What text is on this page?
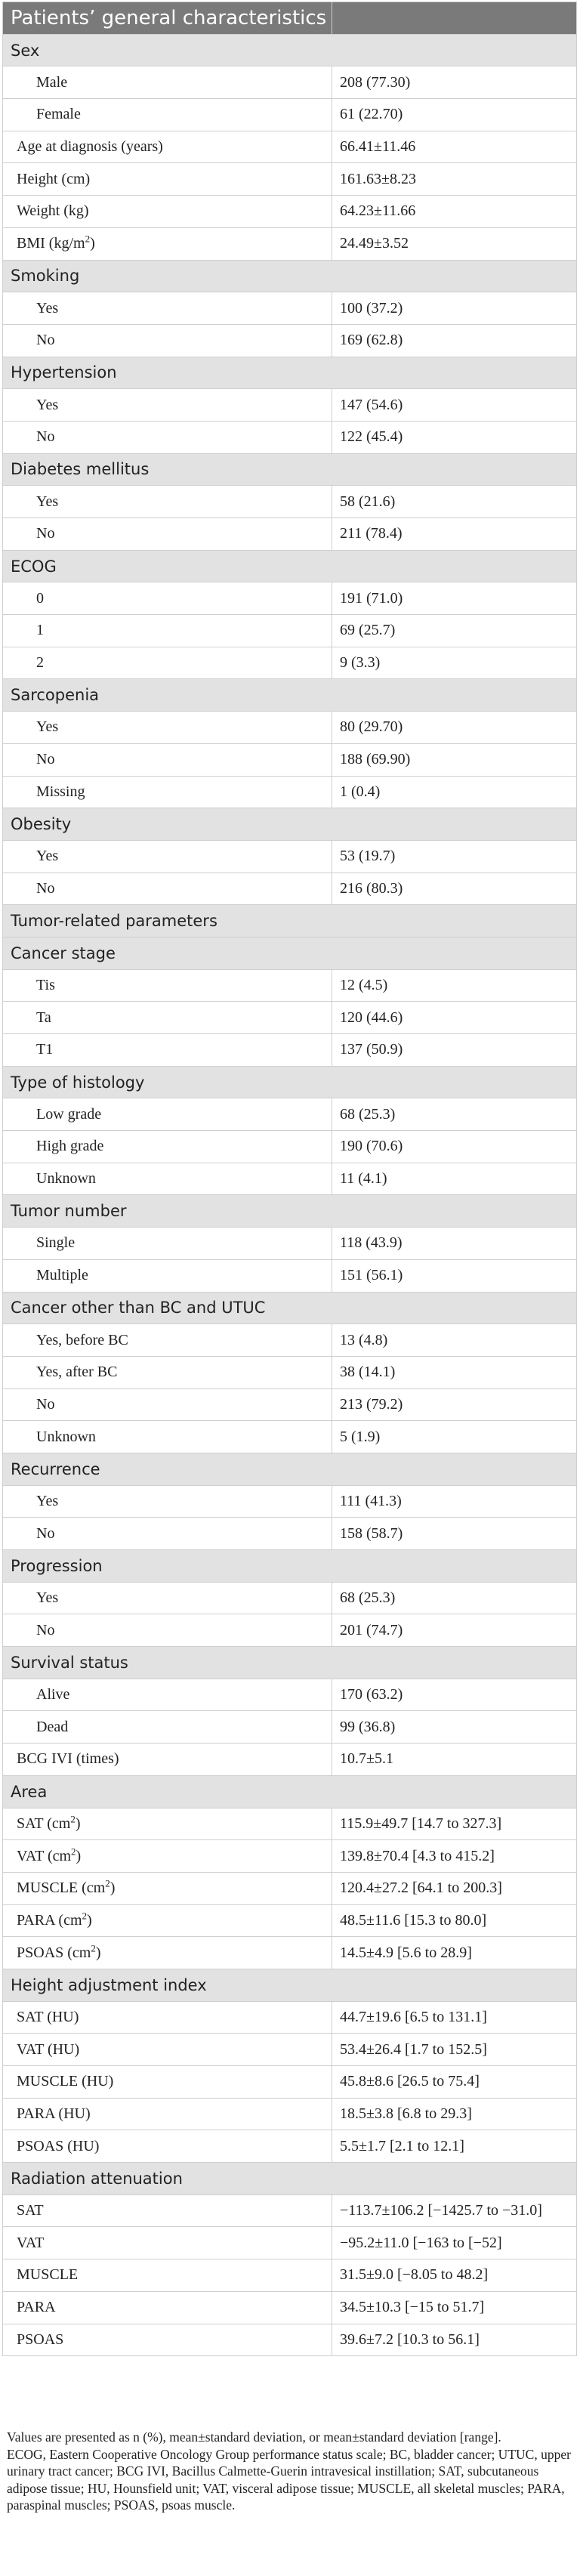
Patients’ general characteristics	
Sex	
Male	208 (77.30)
Female	61 (22.70)
Age at diagnosis (years)	66.41±11.46
Height (cm)	161.63±8.23
Weight (kg)	64.23±11.66
BMI $(kg/m^2)$	24.49±3.52
Smoking	
Yes	100 (37.2)
No	169 (62.8)
Hypertension	
Yes	147 (54.6)
No	122 (45.4)
Diabetes mellitus	
Yes	58 (21.6)
No	211 (78.4)
ECOG	
0	191 (71.0)
1	69 (25.7)
2	9 (3.3)
Sarcopenia	
Yes	80 (29.70)
No	188 (69.90)
Missing	1 (0.4)
Obesity	
Yes	53 (19.7)
No	216 (80.3)
Tumor-related parameters	
Cancer stage	
Tis	12 (4.5)
Ta	120 (44.6)
T1	137 (50.9)
Type of histology	
Low grade	68 (25.3)
High grade	190 (70.6)
Unknown	11 (4.1)
Tumor number	
Single	118 (43.9)
Multiple	151 (56.1)
Cancer other than BC and UTUC	
Yes, before BC	13 (4.8)
Yes, after BC	38 (14.1)
No	213 (79.2)
Unknown	5 (1.9)
Recurrence	
Yes	111 (41.3)
No	158 (58.7)
Progression	
Yes	68 (25.3)
No	201 (74.7)
Survival status	
Alive	170 (63.2)
Dead	99 (36.8)
BCG IVI (times)	10.7±5.1
Area	
SAT $(cm^2)$	115.9±49.7 [14.7 to 327.3]
VAT $(cm^2)$	139.8±70.4 [4.3 to 415.2]
MUSCLE $(cm^2)$	120.4±27.2 [64.1 to 200.3]
PARA $(cm^2)$	48.5±11.6 [15.3 to 80.0]
PSOAS $(cm^2)$	14.5±4.9 [5.6 to 28.9]
Height adjustment index	
SAT (HU)	44.7±19.6 [6.5 to 131.1]
VAT (HU)	53.4±26.4 [1.7 to 152.5]
MUSCLE (HU)	45.8±8.6 [26.5 to 75.4]
PARA (HU)	18.5±3.8 [6.8 to 29.3]
PSOAS (HU)	5.5±1.7 [2.1 to 12.1]
Radiation attenuation	
SAT	−113.7±106.2 [−1425.7 to −31.0]
VAT	−95.2±11.0 [−163 to [−52]
MUSCLE	31.5±9.0 [−8.05 to 48.2]
PARA	34.5±10.3 [−15 to 51.7]
PSOAS	39.6±7.2 [10.3 to 56.1]

Values are presented as n (%), mean±standard deviation, or mean±standard deviation [range].

ECOG, Eastern Cooperative Oncology Group performance status scale; BC, bladder cancer; UTUC, upper urinary tract cancer; BCG IVI, Bacillus Calmette-Guerin intravesical instillation; SAT, subcutaneous adipose tissue; HU, Hounsfield unit; VAT, visceral adipose tissue; MUSCLE, all skeletal muscles; PARA, paraspinal muscles; PSOAS, psoas muscle.
